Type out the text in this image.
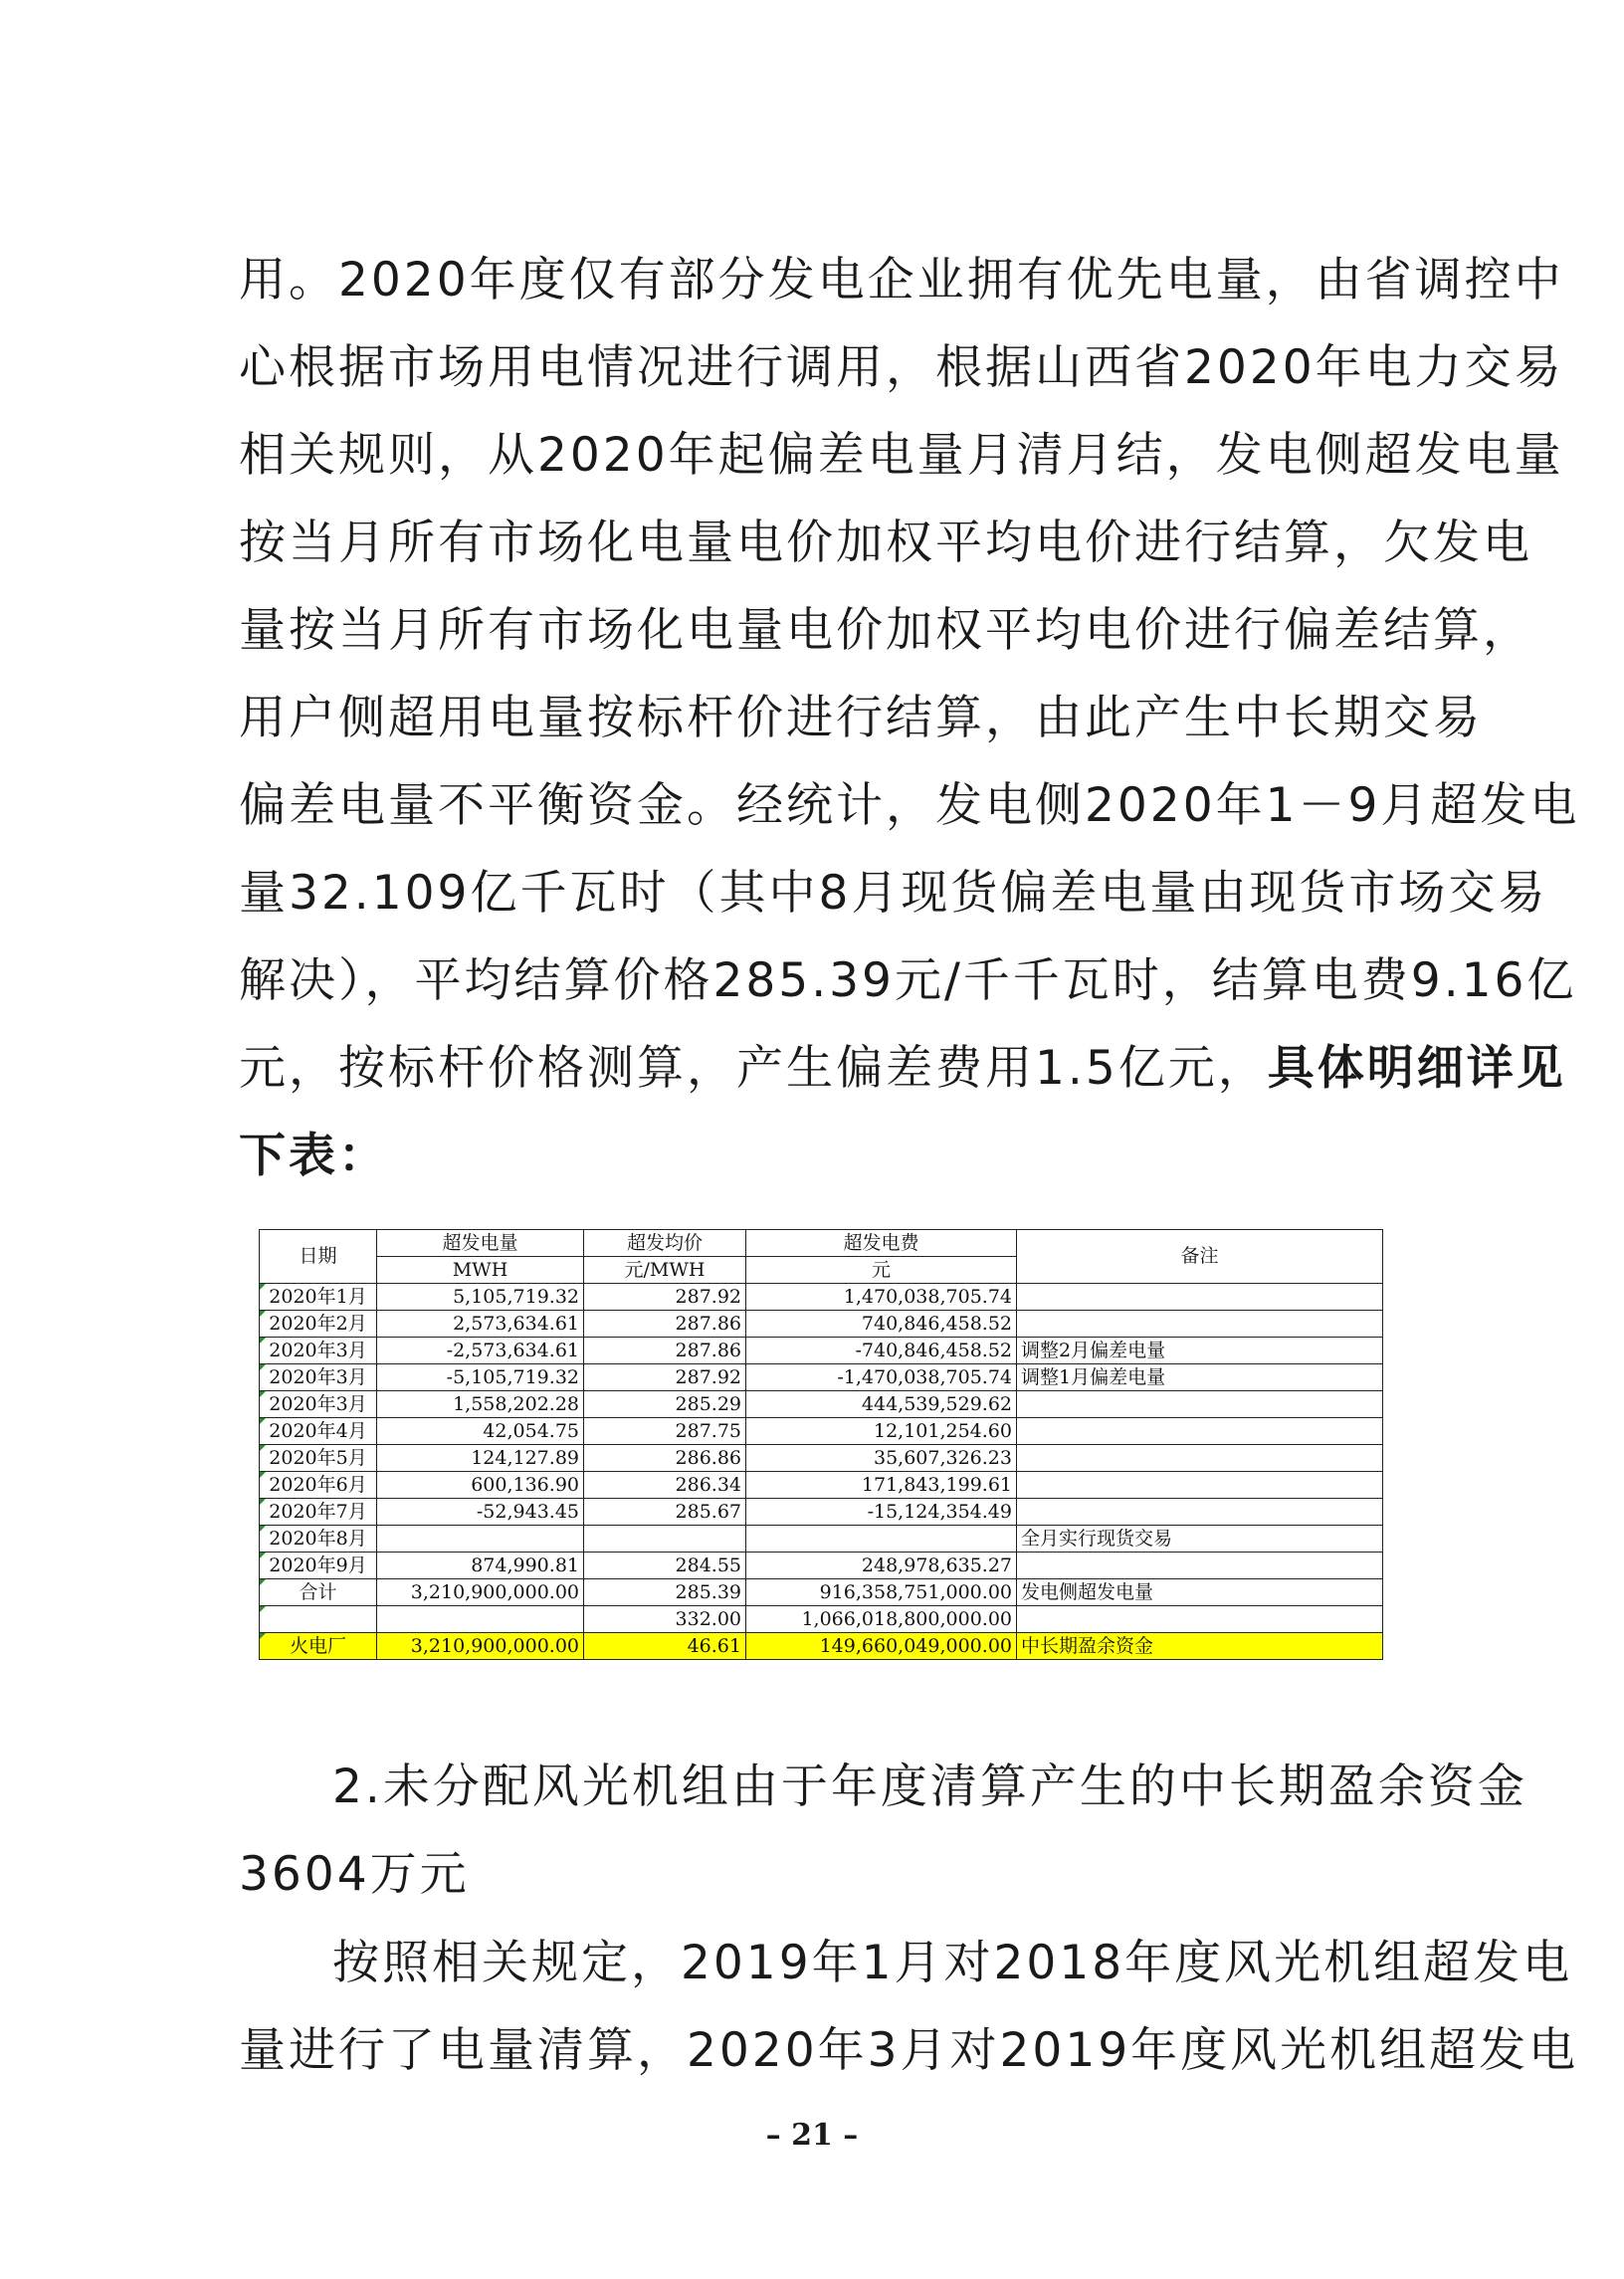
用。2020年度仅有部分发电企业拥有优先电量，由省调控中
心根据市场用电情况进行调用，根据山西省2020年电力交易
相关规则，从2020年起偏差电量月清月结，发电侧超发电量
按当月所有市场化电量电价加权平均电价进行结算，欠发电
量按当月所有市场化电量电价加权平均电价进行偏差结算，
用户侧超用电量按标杆价进行结算，由此产生中长期交易
偏差电量不平衡资金。经统计，发电侧2020年1－9月超发电
量32.109亿千瓦时（其中8月现货偏差电量由现货市场交易
解决），平均结算价格285.39元/千千瓦时，结算电费9.16亿
元，按标杆价格测算，产生偏差费用1.5亿元，具体明细详见
下表：
日期	超发电量	超发均价	超发电费	备注
	MWH	元/MWH	元	
2020年1月	5,105,719.32	287.92	1,470,038,705.74	
2020年2月	2,573,634.61	287.86	740,846,458.52	
2020年3月	-2,573,634.61	287.86	-740,846,458.52	调整2月偏差电量
2020年3月	-5,105,719.32	287.92	-1,470,038,705.74	调整1月偏差电量
2020年3月	1,558,202.28	285.29	444,539,529.62	
2020年4月	42,054.75	287.75	12,101,254.60	
2020年5月	124,127.89	286.86	35,607,326.23	
2020年6月	600,136.90	286.34	171,843,199.61	
2020年7月	-52,943.45	285.67	-15,124,354.49	
2020年8月				全月实行现货交易
2020年9月	874,990.81	284.55	248,978,635.27	
合计	3,210,900,000.00	285.39	916,358,751,000.00	发电侧超发电量
		332.00	1,066,018,800,000.00	
火电厂	3,210,900,000.00	46.61	149,660,049,000.00	中长期盈余资金
2.未分配风光机组由于年度清算产生的中长期盈余资金
3604万元
按照相关规定，2019年1月对2018年度风光机组超发电
量进行了电量清算，2020年3月对2019年度风光机组超发电
– 21 –
